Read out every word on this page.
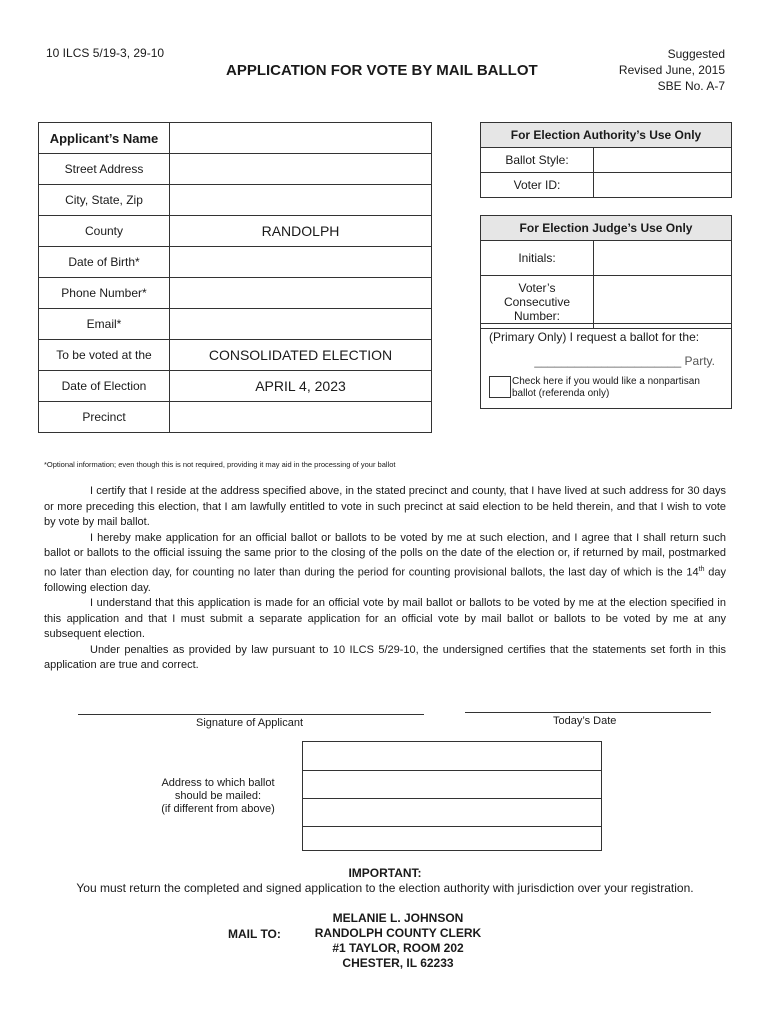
10 ILCS 5/19-3, 29-10
APPLICATION FOR VOTE BY MAIL BALLOT
Suggested
Revised June, 2015
SBE No. A-7
Applicant’s Name	
Street Address	
City, State, Zip	
County	RANDOLPH
Date of Birth*	
Phone Number*	
Email*	
To be voted at the	CONSOLIDATED ELECTION
Date of Election	APRIL 4, 2023
Precinct	
For Election Authority’s Use Only
Ballot Style:
Voter ID:
For Election Judge’s Use Only
Initials:
Voter’s
Consecutive
Number:
(Primary Only) I request a ballot for the:
______________________ Party.
Check here if you would like a nonpartisan
ballot (referenda only)
*Optional information; even though this is not required, providing it may aid in the processing of your ballot
I certify that I reside at the address specified above, in the stated precinct and county, that I have lived at such address for 30 days or more preceding this election, that I am lawfully entitled to vote in such precinct at said election to be held therein, and that I wish to vote by vote by mail ballot.
I hereby make application for an official ballot or ballots to be voted by me at such election, and I agree that I shall return such ballot or ballots to the official issuing the same prior to the closing of the polls on the date of the election or, if returned by mail, postmarked no later than election day, for counting no later than during the period for counting provisional ballots, the last day of which is the 14th day following election day.
I understand that this application is made for an official vote by mail ballot or ballots to be voted by me at the election specified in this application and that I must submit a separate application for an official vote by mail ballot or ballots to be voted by me at any subsequent election.
Under penalties as provided by law pursuant to 10 ILCS 5/29-10, the undersigned certifies that the statements set forth in this application are true and correct.
Signature of Applicant	Today’s Date
Address to which ballot
should be mailed:
(if different from above)
IMPORTANT:
You must return the completed and signed application to the election authority with jurisdiction over your registration.
MAIL TO:
MELANIE L. JOHNSON
RANDOLPH COUNTY CLERK
#1 TAYLOR, ROOM 202
CHESTER, IL 62233
